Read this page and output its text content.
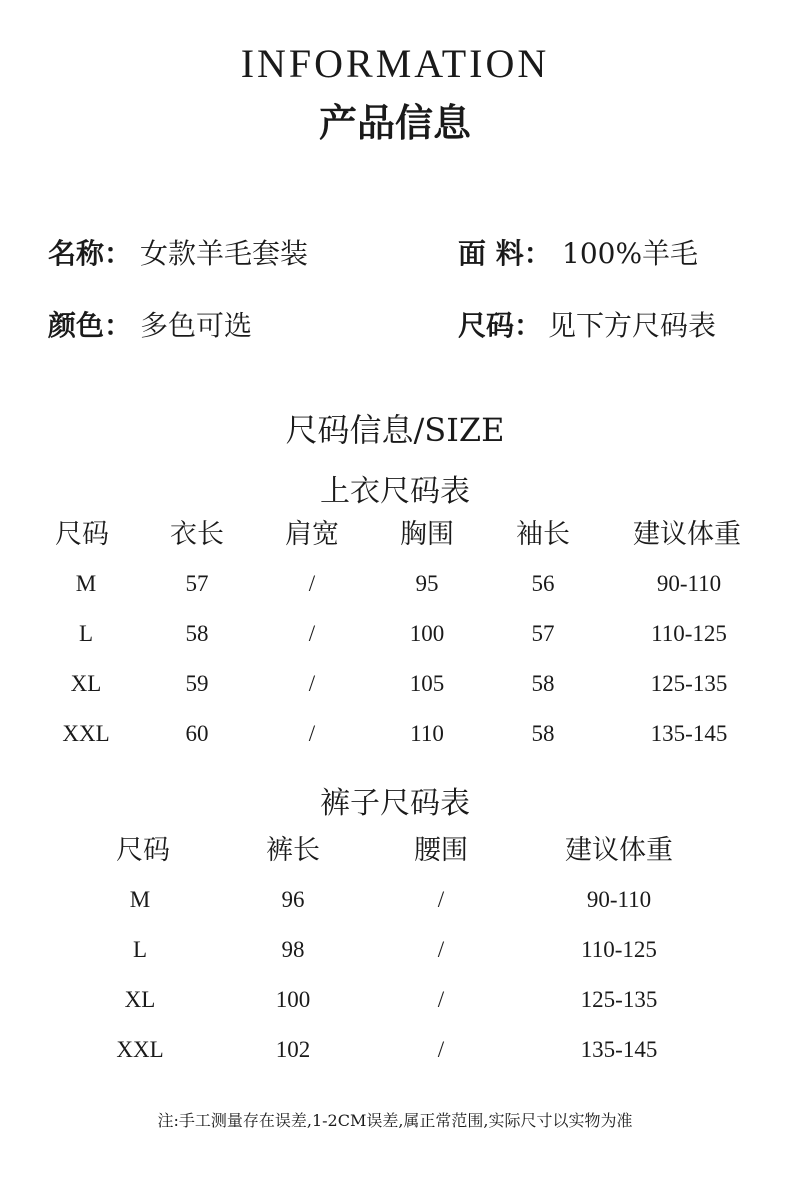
INFORMATION
产品信息
名称： 女款羊毛套装	面 料： 100%羊毛
颜色： 多色可选	尺码： 见下方尺码表
尺码信息/SIZE
上衣尺码表
尺码 衣长 肩宽 胸围 袖长 建议体重
M	57	/	95	56	90-110
L	58	/	100	57	110-125
XL	59	/	105	58	125-135
XXL	60	/	110	58	135-145
裤子尺码表
尺码	裤长	腰围	建议体重
M	96	/	90-110
L	98	/	110-125
XL	100	/	125-135
XXL	102	/	135-145
注:手工测量存在误差,1-2CM误差,属正常范围,实际尺寸以实物为准
